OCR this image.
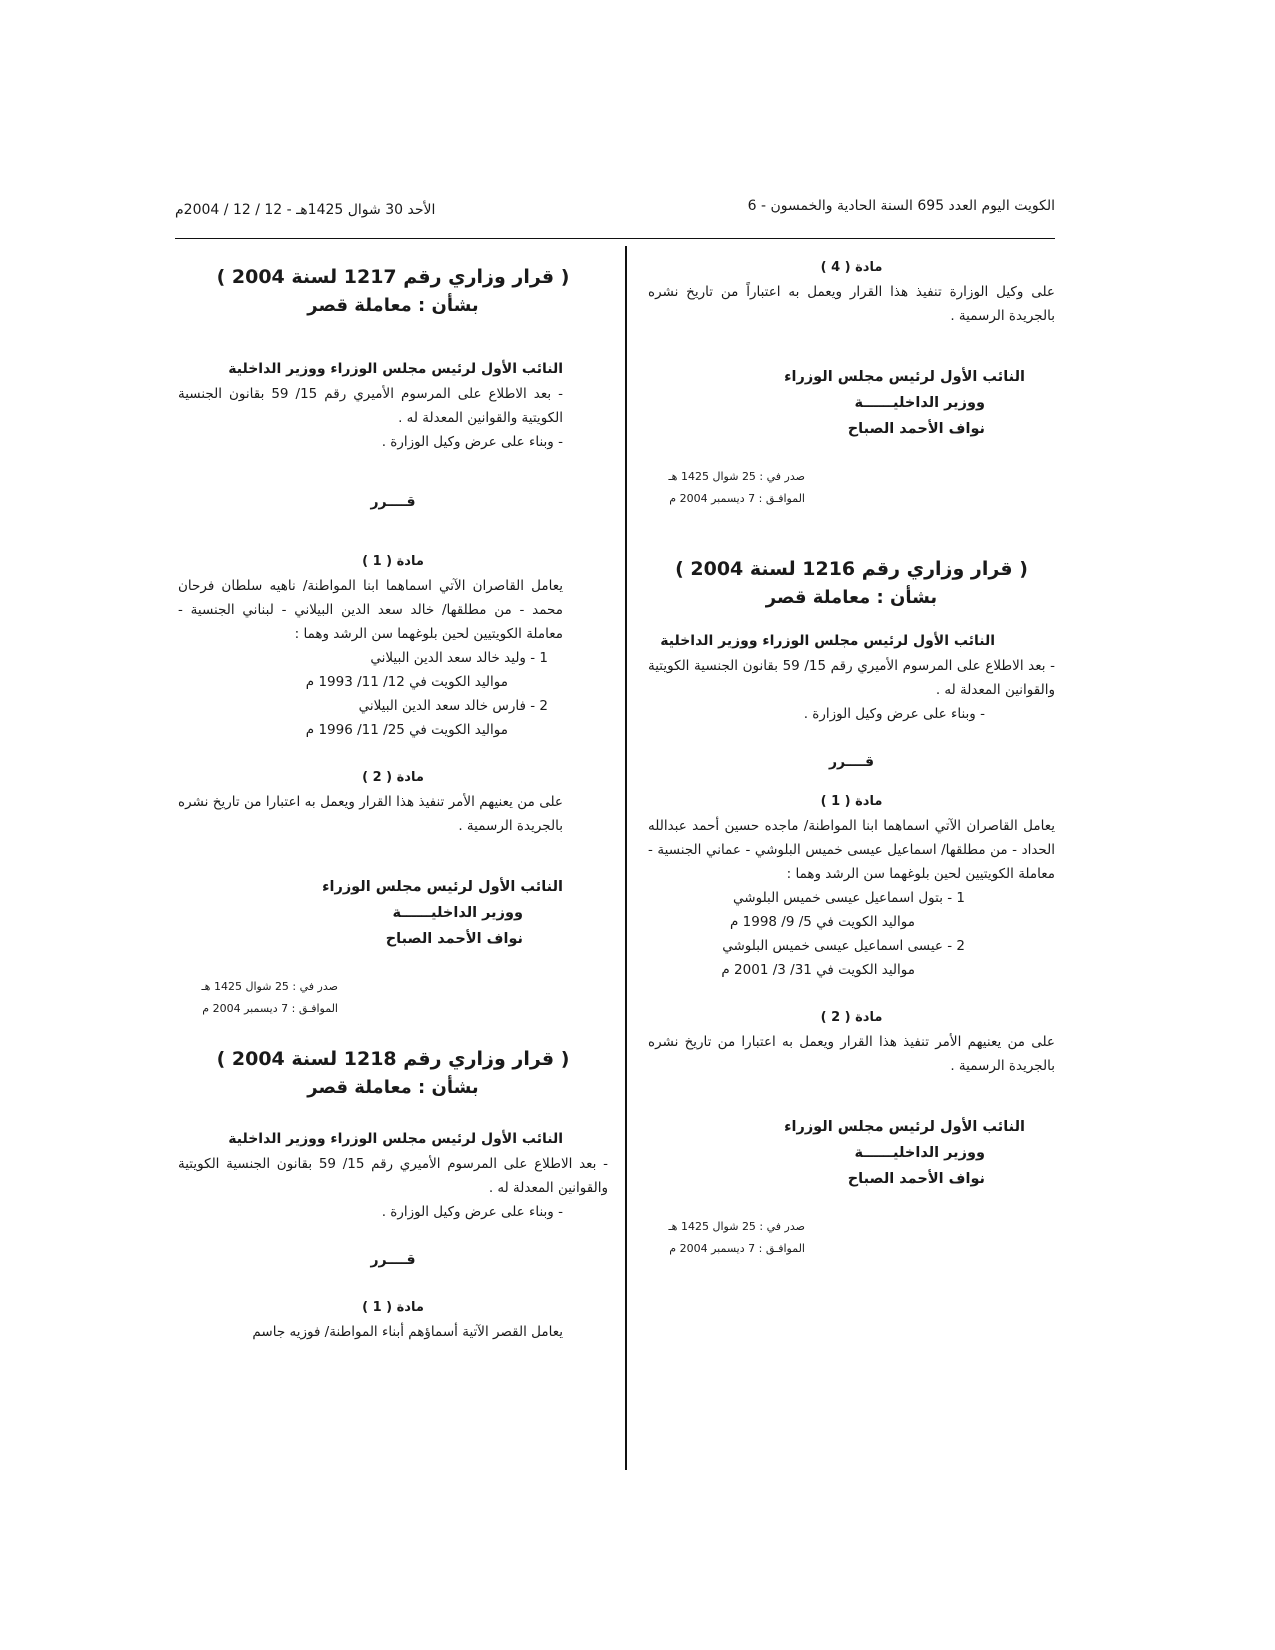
الكويت اليوم العدد 695 السنة الحادية والخمسون - 6
الأحد 30 شوال 1425هـ - 12 / 12 / 2004م
مادة ( 4 )
على وكيل الوزارة تنفيذ هذا القرار ويعمل به اعتباراً من تاريخ نشره بالجريدة الرسمية .
النائب الأول لرئيس مجلس الوزراء
ووزير الداخليــــــة
نواف الأحمد الصباح
صدر في : 25 شوال 1425 هـ
الموافـق : 7 ديسمبر 2004 م
( قرار وزاري رقم 1216 لسنة 2004 )
بشأن : معاملة قصر
النائب الأول لرئيس مجلس الوزراء ووزير الداخلية
- بعد الاطلاع على المرسوم الأميري رقم 15/ 59 بقانون الجنسية الكويتية والقوانين المعدلة له .
- وبناء على عرض وكيل الوزارة .
قــــرر
مادة ( 1 )
يعامل القاصران الآتي اسماهما ابنا المواطنة/ ماجده حسين أحمد عبدالله الحداد - من مطلقها/ اسماعيل عيسى خميس البلوشي - عماني الجنسية - معاملة الكويتيين لحين بلوغهما سن الرشد وهما :
1 - بتول اسماعيل عيسى خميس البلوشي
مواليد الكويت في 5/ 9/ 1998 م
2 - عيسى اسماعيل عيسى خميس البلوشي
مواليد الكويت في 31/ 3/ 2001 م
مادة ( 2 )
على من يعنيهم الأمر تنفيذ هذا القرار ويعمل به اعتبارا من تاريخ نشره بالجريدة الرسمية .
النائب الأول لرئيس مجلس الوزراء
ووزير الداخليــــــة
نواف الأحمد الصباح
صدر في : 25 شوال 1425 هـ
الموافـق : 7 ديسمبر 2004 م
( قرار وزاري رقم 1217 لسنة 2004 )
بشأن : معاملة قصر
النائب الأول لرئيس مجلس الوزراء ووزير الداخلية
- بعد الاطلاع على المرسوم الأميري رقم 15/ 59 بقانون الجنسية الكويتية والقوانين المعدلة له .
- وبناء على عرض وكيل الوزارة .
قــــرر
مادة ( 1 )
يعامل القاصران الآتي اسماهما ابنا المواطنة/ ناهيه سلطان فرحان محمد - من مطلقها/ خالد سعد الدين البيلاني - لبناني الجنسية - معاملة الكويتيين لحين بلوغهما سن الرشد وهما :
1 - وليد خالد سعد الدين البيلاني
مواليد الكويت في 12/ 11/ 1993 م
2 - فارس خالد سعد الدين البيلاني
مواليد الكويت في 25/ 11/ 1996 م
مادة ( 2 )
على من يعنيهم الأمر تنفيذ هذا القرار ويعمل به اعتبارا من تاريخ نشره بالجريدة الرسمية .
النائب الأول لرئيس مجلس الوزراء
ووزير الداخليــــــة
نواف الأحمد الصباح
صدر في : 25 شوال 1425 هـ
الموافـق : 7 ديسمبر 2004 م
( قرار وزاري رقم 1218 لسنة 2004 )
بشأن : معاملة قصر
النائب الأول لرئيس مجلس الوزراء ووزير الداخلية
- بعد الاطلاع على المرسوم الأميري رقم 15/ 59 بقانون الجنسية الكويتية والقوانين المعدلة له .
- وبناء على عرض وكيل الوزارة .
قــــرر
مادة ( 1 )
يعامل القصر الآتية أسماؤهم أبناء المواطنة/ فوزيه جاسم
